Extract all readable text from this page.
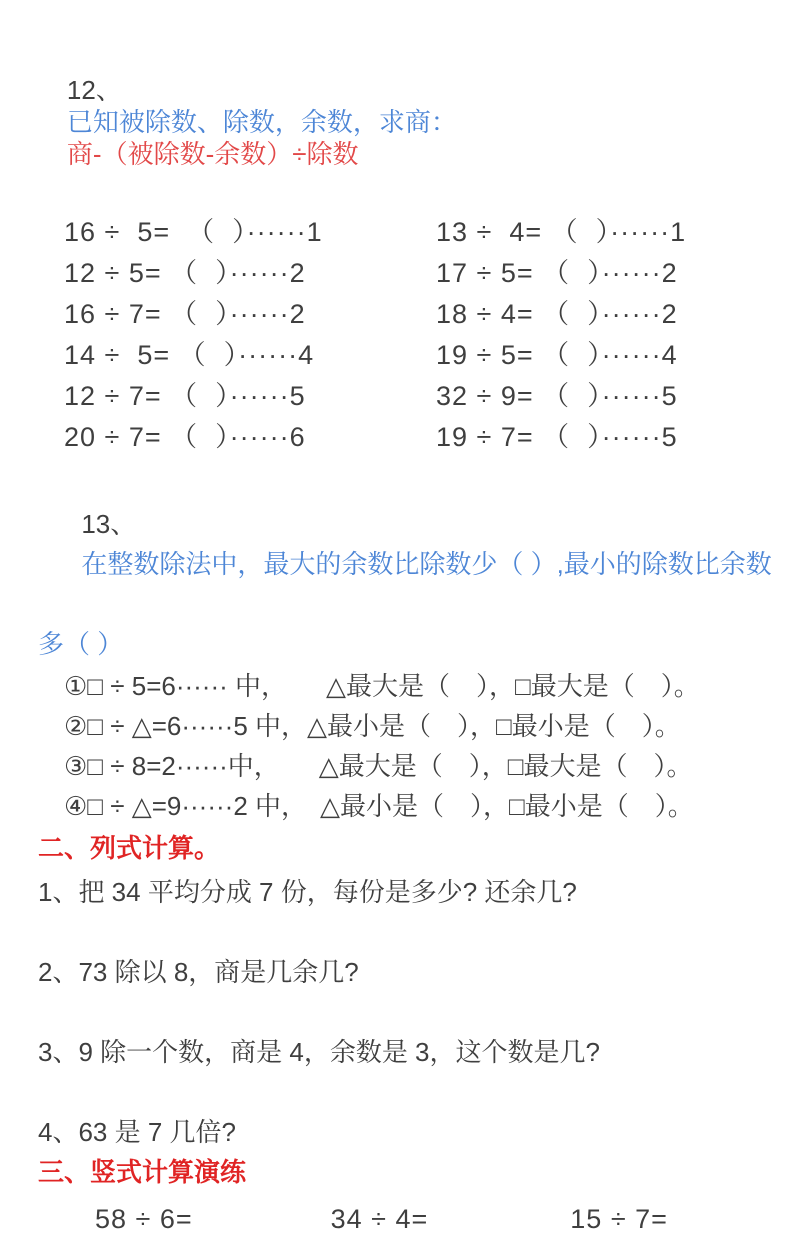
12、
已知被除数、除数，余数，求商：
商-（被除数-余数）÷除数

16 ÷  5=  （  ）······1
12 ÷ 5= （  ）······2
16 ÷ 7= （  ）······2
14 ÷  5= （  ）······4
12 ÷ 7= （  ）······5
20 ÷ 7= （  ）······6
13 ÷  4= （  ）······1
17 ÷ 5= （  ）······2
18 ÷ 4= （  ）······2
19 ÷ 5= （  ）······4
32 ÷ 9= （  ）······5
19 ÷ 7= （  ）······5

13、
在整数除法中，最大的余数比除数少（ ）,最小的除数比余数

多（ ）
①□ ÷ 5=6······ 中，　　△最大是（　），□最大是（　）。
②□ ÷ △=6······5 中，△最小是（　），□最小是（　）。
③□ ÷ 8=2······中，　　△最大是（　），□最大是（　）。
④□ ÷ △=9······2 中，　△最小是（　），□最小是（　）。
二、列式计算。
1、把 34 平均分成 7 份，每份是多少? 还余几?
2、73 除以 8，商是几余几?
3、9 除一个数，商是 4，余数是 3，这个数是几?
4、63 是 7 几倍?
三、竖式计算演练
58 ÷ 6=	34 ÷ 4=	15 ÷ 7=
